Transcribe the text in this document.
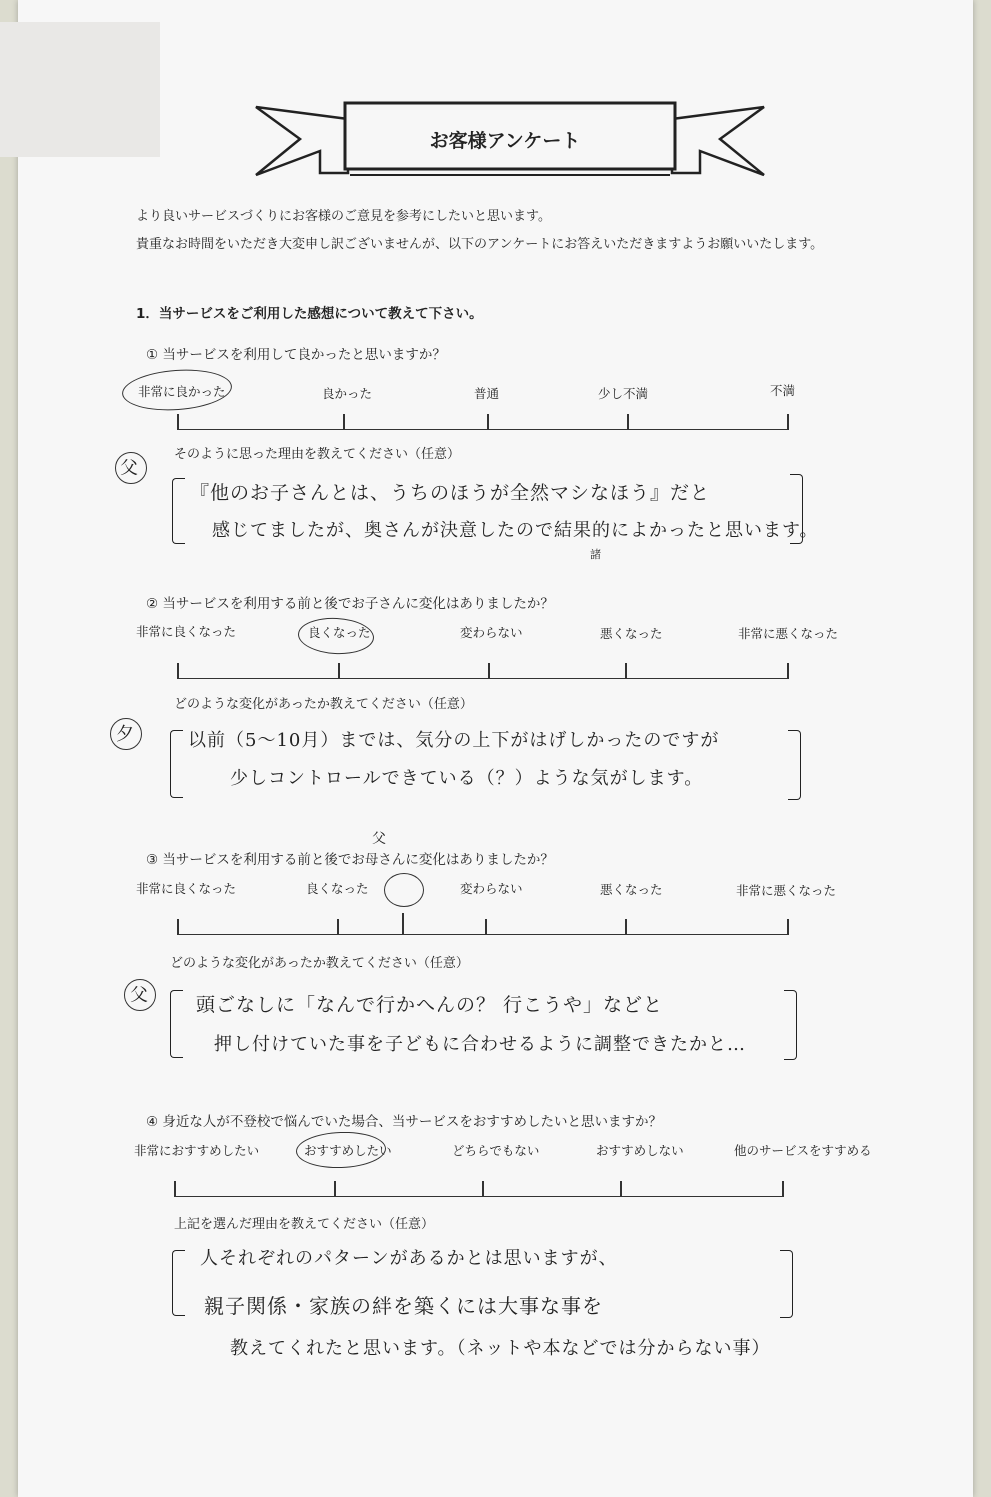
お客様アンケート
より良いサービスづくりにお客様のご意見を参考にしたいと思います。
貴重なお時間をいただき大変申し訳ございませんが、以下のアンケートにお答えいただきますようお願いいたします。
1．当サービスをご利用した感想について教えて下さい。
① 当サービスを利用して良かったと思いますか？
非常に良かった	良かった	普通	少し不満	不満
そのように思った理由を教えてください（任意）
父
『他のお子さんとは、うちのほうが全然マシなほう』だと
感じてましたが、奥さんが決意したので結果的によかったと思います。
諸
② 当サービスを利用する前と後でお子さんに変化はありましたか？
非常に良くなった	良くなった	変わらない	悪くなった	非常に悪くなった
どのような変化があったか教えてください（任意）
夕	以前（5〜10月）までは、気分の上下がはげしかったのですが
少しコントロールできている（？）ような気がします。
父
③ 当サービスを利用する前と後でお母さんに変化はありましたか？
非常に良くなった	良くなった	変わらない	悪くなった	非常に悪くなった
どのような変化があったか教えてください（任意）
父	頭ごなしに「なんで行かへんの？ 行こうや」などと
押し付けていた事を子どもに合わせるように調整できたかと…
④ 身近な人が不登校で悩んでいた場合、当サービスをおすすめしたいと思いますか？
非常におすすめしたい	おすすめしたい	どちらでもない	おすすめしない	他のサービスをすすめる
上記を選んだ理由を教えてください（任意）
人それぞれのパターンがあるかとは思いますが、
親子関係・家族の絆を築くには大事な事を
教えてくれたと思います。（ネットや本などでは分からない事）
